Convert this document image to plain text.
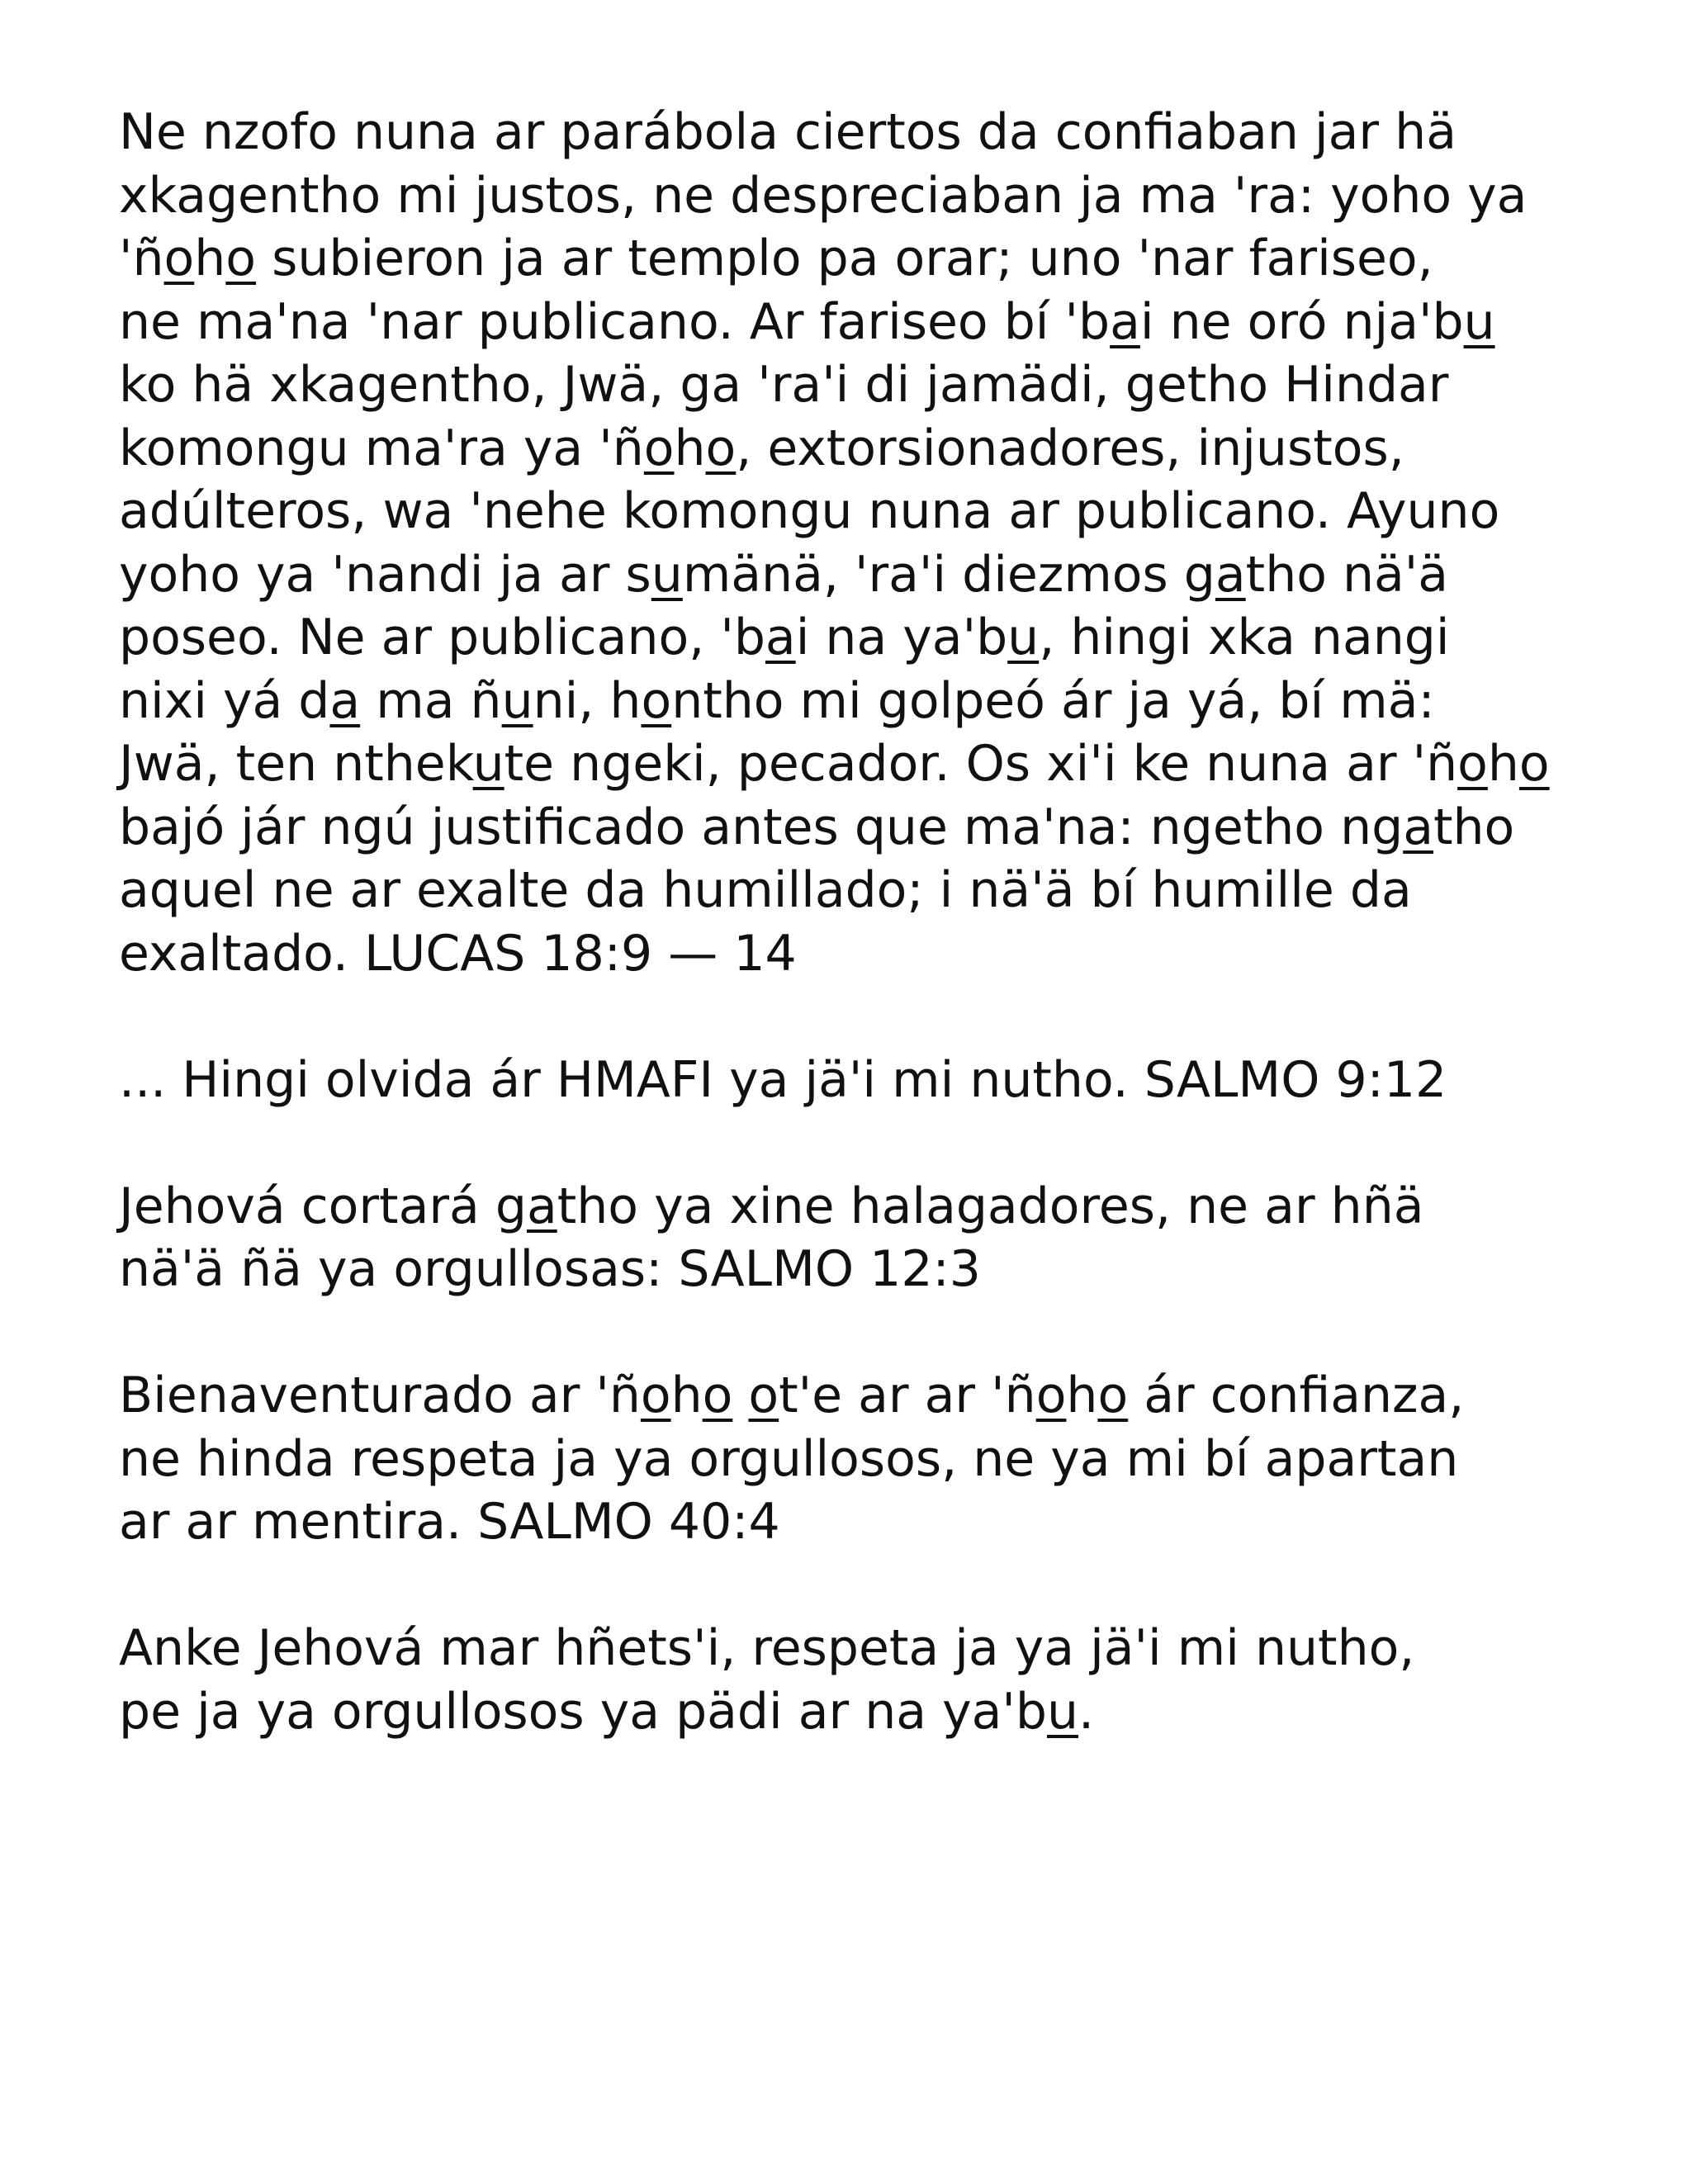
Ne nzofo nuna ar parábola ciertos da confiaban jar hä
xkagentho mi justos, ne despreciaban ja ma 'ra: yoho ya
'ñoho subieron ja ar templo pa orar; uno 'nar fariseo,
ne ma'na 'nar publicano. Ar fariseo bí 'bai ne oró nja'bu
ko hä xkagentho, Jwä, ga 'ra'i di jamädi, getho Hindar
komongu ma'ra ya 'ñoho, extorsionadores, injustos,
adúlteros, wa 'nehe komongu nuna ar publicano. Ayuno
yoho ya 'nandi ja ar sumänä, 'ra'i diezmos gatho nä'ä
poseo. Ne ar publicano, 'bai na ya'bu, hingi xka nangi
nixi yá da ma ñuni, hontho mi golpeó ár ja yá, bí mä:
Jwä, ten nthekute ngeki, pecador. Os xi'i ke nuna ar 'ñoho
bajó jár ngú justificado antes que ma'na: ngetho ngatho
aquel ne ar exalte da humillado; i nä'ä bí humille da
exaltado. LUCAS 18:9 — 14
... Hingi olvida ár HMAFI ya jä'i mi nutho. SALMO 9:12
Jehová cortará gatho ya xine halagadores, ne ar hñä
nä'ä ñä ya orgullosas: SALMO 12:3
Bienaventurado ar 'ñoho ot'e ar ar 'ñoho ár confianza,
ne hinda respeta ja ya orgullosos, ne ya mi bí apartan
ar ar mentira. SALMO 40:4
Anke Jehová mar hñets'i, respeta ja ya jä'i mi nutho,
pe ja ya orgullosos ya pädi ar na ya'bu.
